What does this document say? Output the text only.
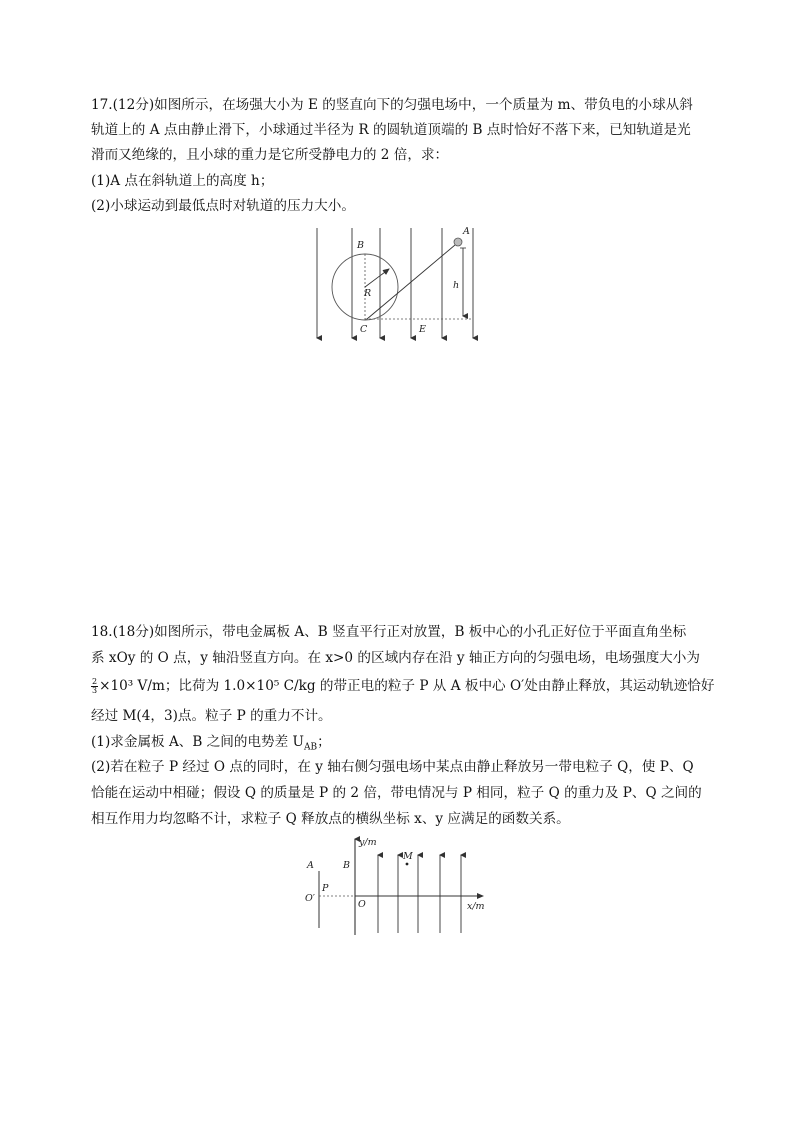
17.(12分)如图所示，在场强大小为 E 的竖直向下的匀强电场中，一个质量为 m、带负电的小球从斜
轨道上的 A 点由静止滑下，小球通过半径为 R 的圆轨道顶端的 B 点时恰好不落下来，已知轨道是光
滑而又绝缘的，且小球的重力是它所受静电力的 2 倍，求：
(1)A 点在斜轨道上的高度 h；
(2)小球运动到最低点时对轨道的压力大小。
A
B
R
h
C	E
18.(18分)如图所示，带电金属板 A、B 竖直平行正对放置，B 板中心的小孔正好位于平面直角坐标
系 xOy 的 O 点，y 轴沿竖直方向。在 x>0 的区域内存在沿 y 轴正方向的匀强电场，电场强度大小为
$\frac{2}{3} \times 10^3$ V/m；比荷为 1.0×10⁵ C/kg 的带正电的粒子 P 从 A 板中心 O′处由静止释放，其运动轨迹恰好
经过 M(4，3)点。粒子 P 的重力不计。
(1)求金属板 A、B 之间的电势差 $U_{AB}$；
(2)若在粒子 P 经过 O 点的同时，在 y 轴右侧匀强电场中某点由静止释放另一带电粒子 Q，使 P、Q
恰能在运动中相碰；假设 Q 的质量是 P 的 2 倍，带电情况与 P 相同，粒子 Q 的重力及 P、Q 之间的
相互作用力均忽略不计，求粒子 Q 释放点的横纵坐标 x、y 应满足的函数关系。
y/m
A	B
M
P
O′
O	x/m
